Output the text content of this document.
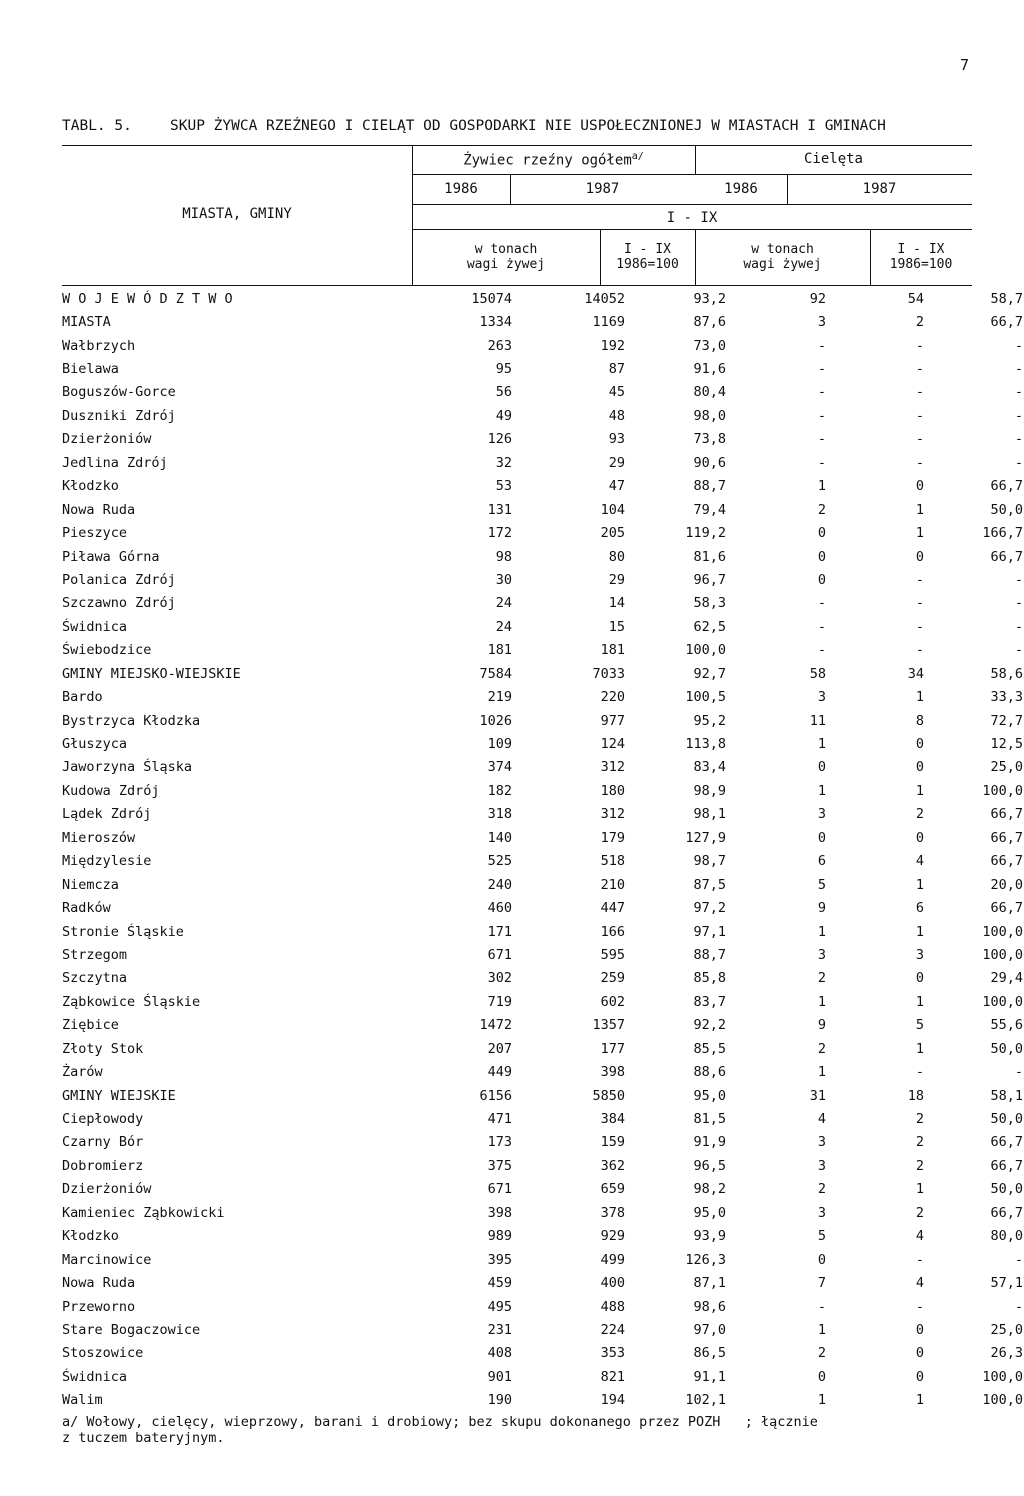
7
TABL. 5.	SKUP ŻYWCA RZEŹNEGO I CIELĄT OD GOSPODARKI NIE USPOŁECZNIONEJ W MIASTACH I GMINACH
MIASTA, GMINY
Żywiec rzeźny ogółem$^{a/}$	Cielęta
1986	1987	1986	1987
I - IX
w tonach
wagi żywej
I - IX
1986=100
w tonach
wagi żywej
I - IX
1986=100
W O J E W Ó D Z T W O	15074	14052	93,2	92	54	58,7
MIASTA	1334	1169	87,6	3	2	66,7
Wałbrzych	263	192	73,0	-	-	-
Bielawa	95	87	91,6	-	-	-
Boguszów-Gorce	56	45	80,4	-	-	-
Duszniki Zdrój	49	48	98,0	-	-	-
Dzierżoniów	126	93	73,8	-	-	-
Jedlina Zdrój	32	29	90,6	-	-	-
Kłodzko	53	47	88,7	1	0	66,7
Nowa Ruda	131	104	79,4	2	1	50,0
Pieszyce	172	205	119,2	0	1	166,7
Piława Górna	98	80	81,6	0	0	66,7
Polanica Zdrój	30	29	96,7	0	-	-
Szczawno Zdrój	24	14	58,3	-	-	-
Świdnica	24	15	62,5	-	-	-
Świebodzice	181	181	100,0	-	-	-
GMINY MIEJSKO-WIEJSKIE	7584	7033	92,7	58	34	58,6
Bardo	219	220	100,5	3	1	33,3
Bystrzyca Kłodzka	1026	977	95,2	11	8	72,7
Głuszyca	109	124	113,8	1	0	12,5
Jaworzyna Śląska	374	312	83,4	0	0	25,0
Kudowa Zdrój	182	180	98,9	1	1	100,0
Lądek Zdrój	318	312	98,1	3	2	66,7
Mieroszów	140	179	127,9	0	0	66,7
Międzylesie	525	518	98,7	6	4	66,7
Niemcza	240	210	87,5	5	1	20,0
Radków	460	447	97,2	9	6	66,7
Stronie Śląskie	171	166	97,1	1	1	100,0
Strzegom	671	595	88,7	3	3	100,0
Szczytna	302	259	85,8	2	0	29,4
Ząbkowice Śląskie	719	602	83,7	1	1	100,0
Ziębice	1472	1357	92,2	9	5	55,6
Złoty Stok	207	177	85,5	2	1	50,0
Żarów	449	398	88,6	1	-	-
GMINY WIEJSKIE	6156	5850	95,0	31	18	58,1
Ciepłowody	471	384	81,5	4	2	50,0
Czarny Bór	173	159	91,9	3	2	66,7
Dobromierz	375	362	96,5	3	2	66,7
Dzierżoniów	671	659	98,2	2	1	50,0
Kamieniec Ząbkowicki	398	378	95,0	3	2	66,7
Kłodzko	989	929	93,9	5	4	80,0
Marcinowice	395	499	126,3	0	-	-
Nowa Ruda	459	400	87,1	7	4	57,1
Przeworno	495	488	98,6	-	-	-
Stare Bogaczowice	231	224	97,0	1	0	25,0
Stoszowice	408	353	86,5	2	0	26,3
Świdnica	901	821	91,1	0	0	100,0
Walim	190	194	102,1	1	1	100,0
a/ Wołowy, cielęcy, wieprzowy, barani i drobiowy; bez skupu dokonanego przez POZH   ; łącznie
z tuczem bateryjnym.
